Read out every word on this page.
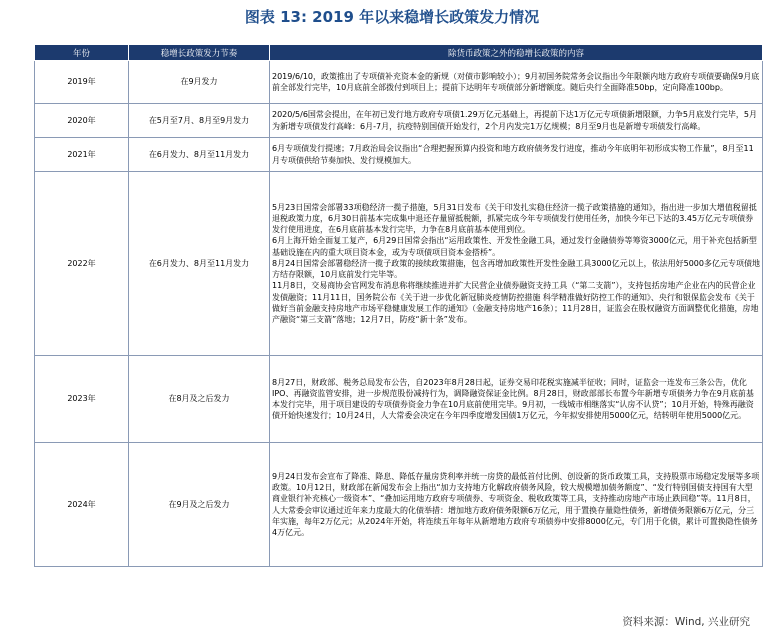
图表 13: 2019 年以来稳增长政策发力情况
年份	稳增长政策发力节奏	除货币政策之外的稳增长政策的内容
2019年	在9月发力	2019/6/10，政策推出了专项债补充资本金的新规（对债市影响较小）；9月初国务院常务会议指出今年限额内地方政府专项债要确保9月底前全部发行完毕，10月底前全部拨付到项目上；提前下达明年专项债部分新增额度。随后央行全面降准50bp，定向降准100bp。

2020年	在5月至7月、8月至9月发力	2020/5/6国常会提出，在年初已发行地方政府专项债1.29万亿元基础上，再提前下达1万亿元专项债新增限额，力争5月底发行完毕，5月为新增专项债发行高峰：6月-7月，抗疫特别国债开始发行，2个月内发完1万亿规模；8月至9月也是新增专项债发行高峰。

2021年	在6月发力、8月至11月发力	6月专项债发行提速；7月政治局会议指出“合理把握预算内投资和地方政府债务发行进度，推动今年底明年初形成实物工作量”，8月至11月专项债供给节奏加快、发行规模加大。

2022年	在6月发力、8月至11月发力	5月23日国常会部署33项稳经济一揽子措施，5月31日发布《关于印发扎实稳住经济一揽子政策措施的通知》，指出进一步加大增值税留抵退税政策力度，6月30日前基本完成集中退还存量留抵税额，抓紧完成今年专项债发行使用任务，加快今年已下达的3.45万亿元专项债券发行使用进度，在6月底前基本发行完毕，力争在8月底前基本使用到位。
6月上海开始全面复工复产，6月29日国常会指出“运用政策性、开发性金融工具，通过发行金融债券等筹资3000亿元，用于补充包括新型基础设施在内的重大项目资本金，或为专项债项目资本金搭桥”。
8月24日国常会部署稳经济一揽子政策的接续政策措施，包含再增加政策性开发性金融工具3000亿元以上，依法用好5000多亿元专项债地方结存限额，10月底前发行完毕等。
11月8日，交易商协会官网发布消息称将继续推进并扩大民营企业债券融资支持工具（“第二支箭”），支持包括房地产企业在内的民营企业发债融资；11月11日，国务院公布《关于进一步优化新冠肺炎疫情防控措施 科学精准做好防控工作的通知》、央行和银保监会发布《关于做好当前金融支持房地产市场平稳健康发展工作的通知》（金融支持房地产16条）；11月28日，证监会在股权融资方面调整优化措施，房地产融资“第三支箭”落地；12月7日，防疫“新十条”发布。

2023年	在8月及之后发力	8月27日，财政部、税务总局发布公告，自2023年8月28日起，证券交易印花税实施减半征收；同时，证监会一连发布三条公告，优化IPO、再融资监管安排，进一步规范股份减持行为，调降融资保证金比例。8月28日，财政部部长布置今年新增专项债务力争在9月底前基本发行完毕，用于项目建设的专项债券资金力争在10月底前使用完毕。9月初，一线城市相继落实“认房不认贷”；10月开始，特殊再融资债开始快速发行；10月24日，人大常委会决定在今年四季度增发国债1万亿元，今年拟安排使用5000亿元，结转明年使用5000亿元。

2024年	在9月及之后发力	9月24日发布会宣布了降准、降息、降低存量房贷利率并统一房贷的最低首付比例、创设新的货币政策工具，支持股票市场稳定发展等多项政策。10月12日，财政部在新闻发布会上指出“加力支持地方化解政府债务风险，较大规模增加债务额度”、“发行特别国债支持国有大型商业银行补充核心一级资本”、“叠加运用地方政府专项债券、专项资金、税收政策等工具，支持推动房地产市场止跌回稳”等。11月8日，人大常委会审议通过近年来力度最大的化债举措：增加地方政府债务限额6万亿元，用于置换存量隐性债务，新增债务限额6万亿元，分三年实施，每年2万亿元；从2024年开始，将连续五年每年从新增地方政府专项债券中安排8000亿元，专门用于化债，累计可置换隐性债务4万亿元。
资料来源：Wind, 兴业研究
